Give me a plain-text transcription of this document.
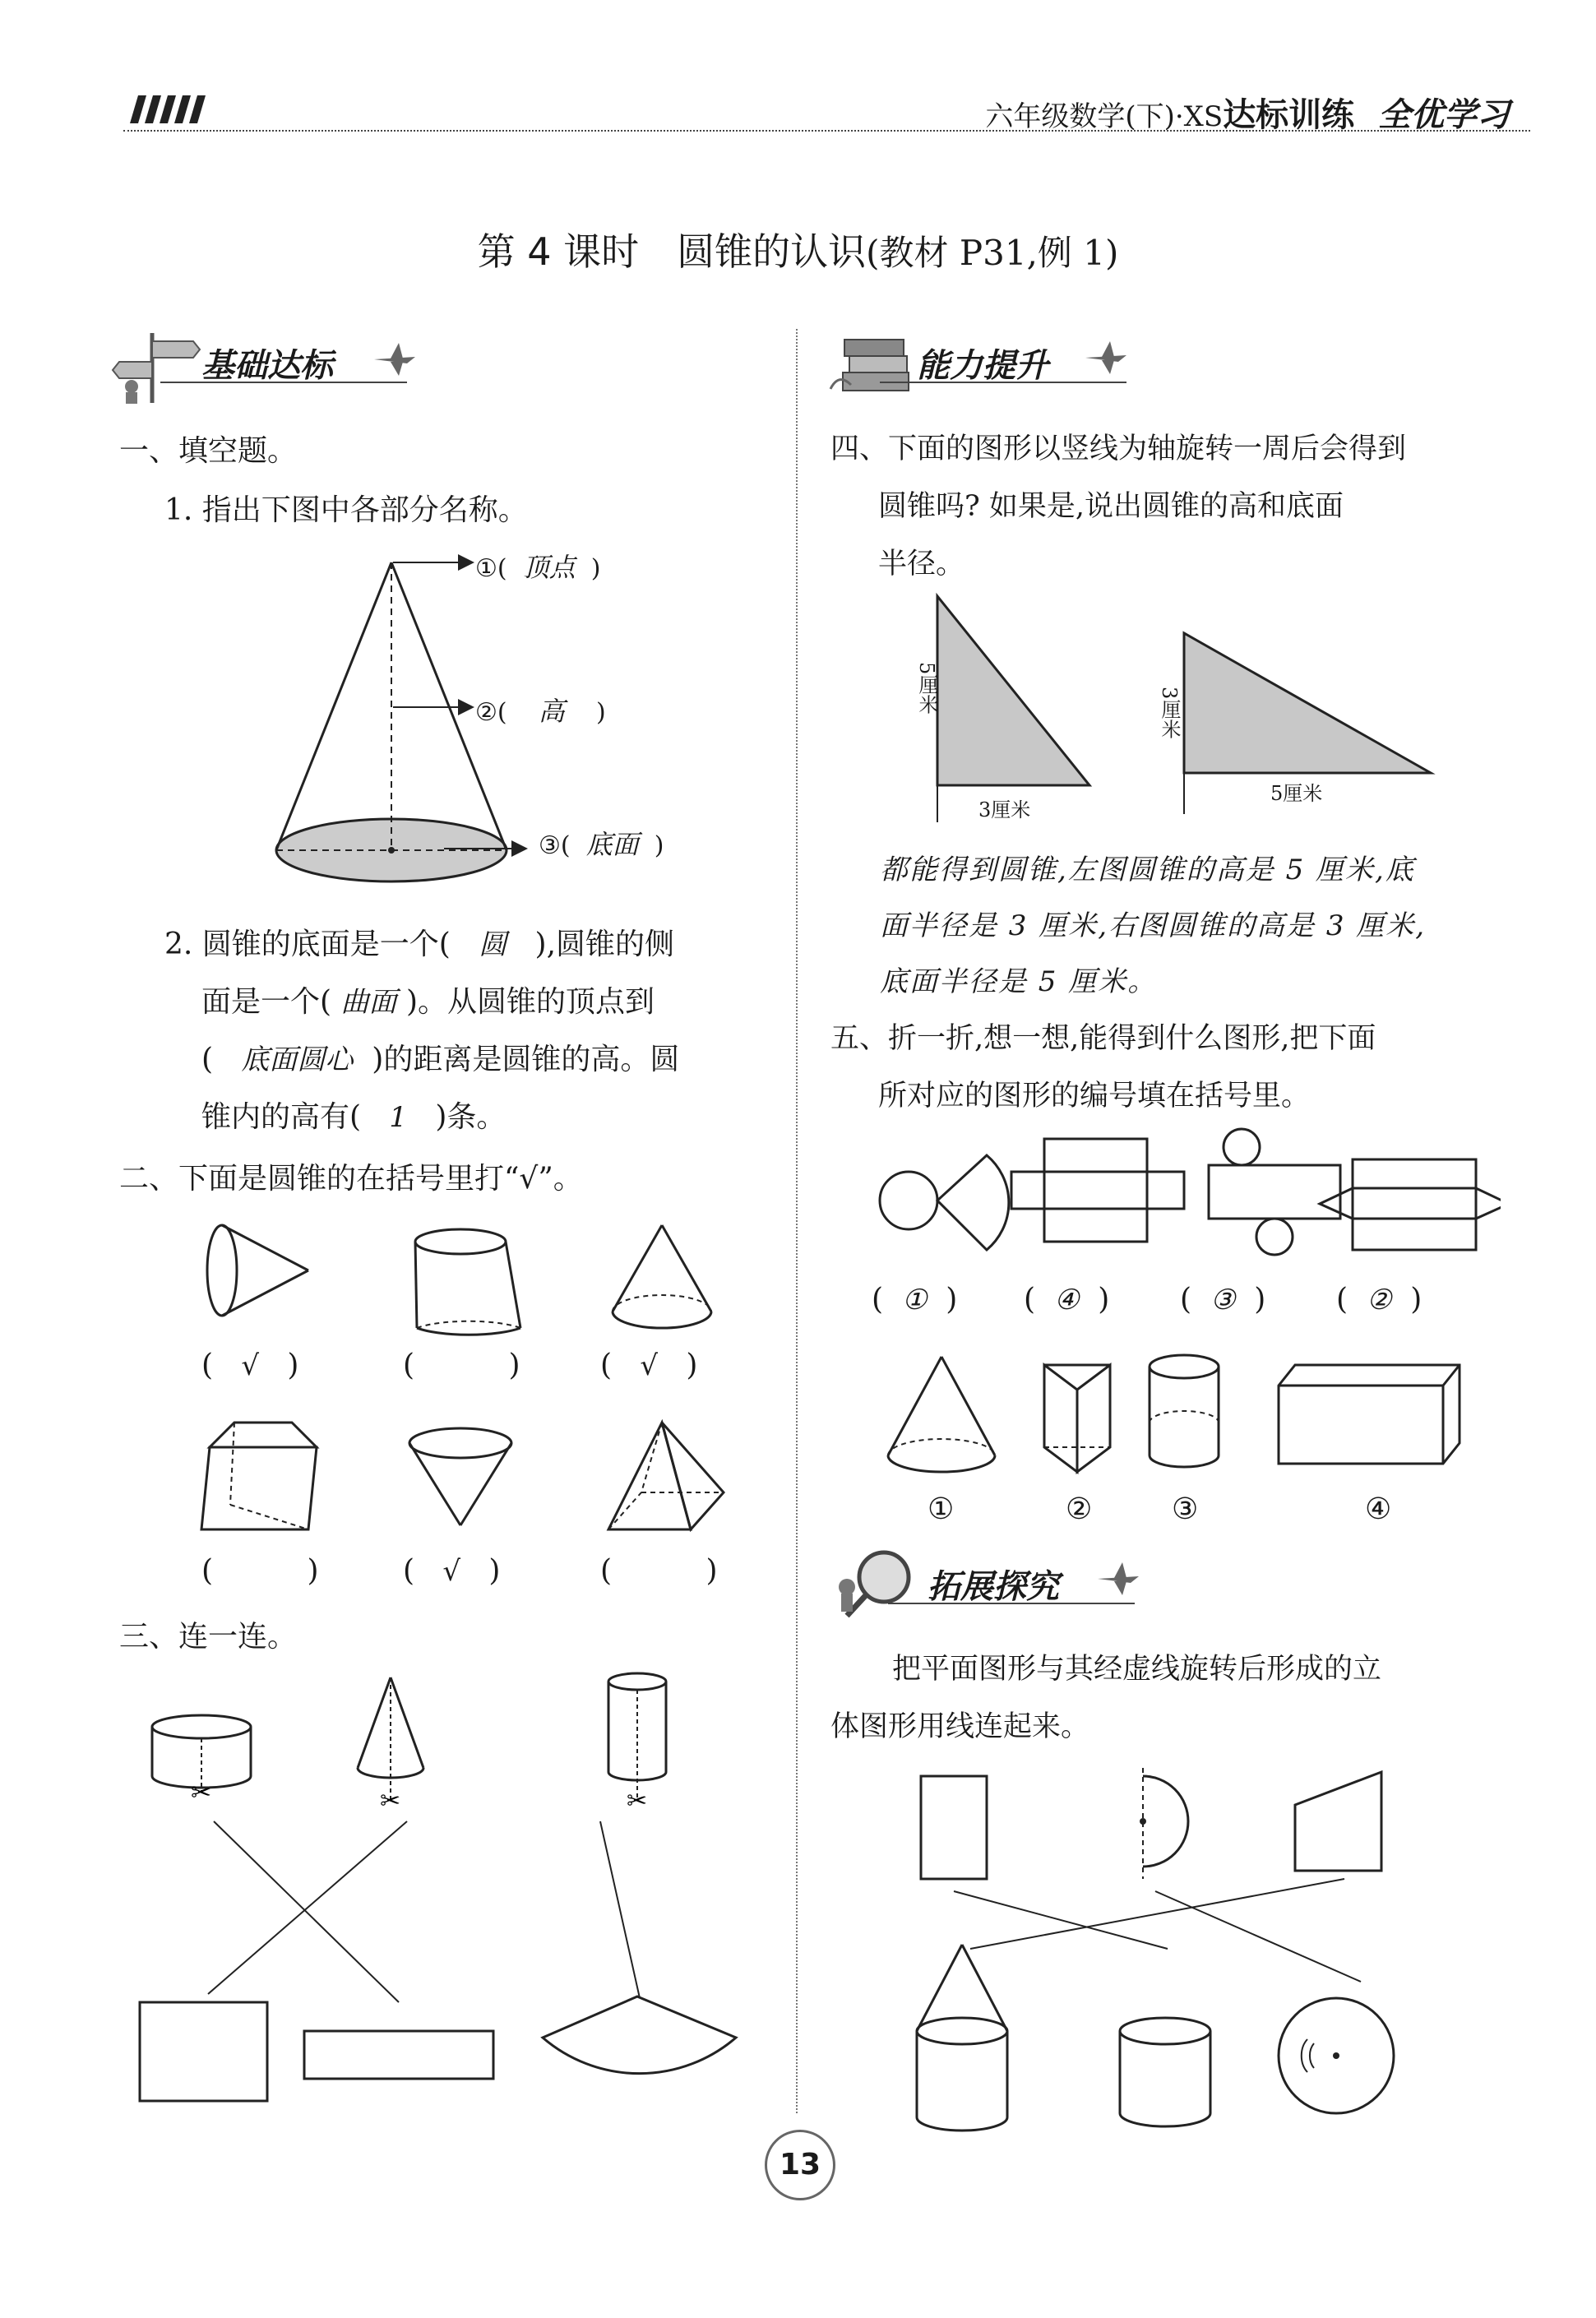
六年级数学(下)·XS达标训练 全优学习
第 4 课时　圆锥的认识(教材 P31,例 1)
基础达标
一、填空题。
1. 指出下图中各部分名称。
①( 顶点 )
②( 高 )
③( 底面 )
2. 圆锥的底面是一个( 圆 ),圆锥的侧
面是一个( 曲面 )。从圆锥的顶点到
( 底面圆心 )的距离是圆锥的高。圆
锥内的高有( 1 )条。
二、下面是圆锥的在括号里打“√”。
( √ )	(	)	( √ )
(	)	( √ )	(	)
三、连一连。
✂	✂	✂
能力提升
四、下面的图形以竖线为轴旋转一周后会得到
圆锥吗? 如果是,说出圆锥的高和底面
半径。
5厘米
3厘米
3厘米
5厘米
都能得到圆锥,左图圆锥的高是 5 厘米,底
面半径是 3 厘米,右图圆锥的高是 3 厘米,
底面半径是 5 厘米。
五、折一折,想一想,能得到什么图形,把下面
所对应的图形的编号填在括号里。
(  ①  ) (  ④  ) (  ③  ) (  ②  )
①	②	③	④
拓展探究
把平面图形与其经虚线旋转后形成的立
体图形用线连起来。
13
